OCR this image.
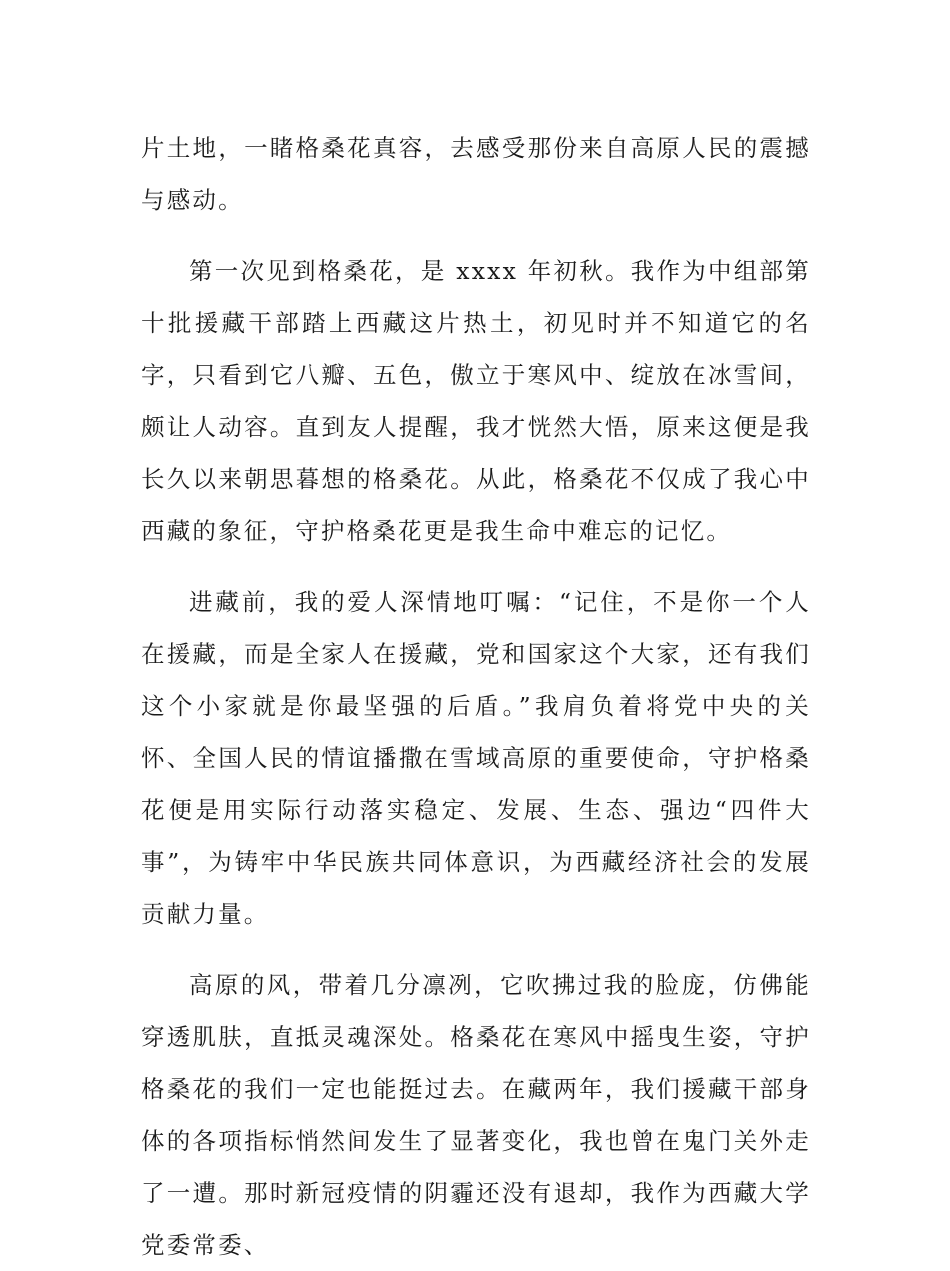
片土地，一睹格桑花真容，去感受那份来自高原人民的震撼与感动。

第一次见到格桑花，是 xxxx 年初秋。我作为中组部第十批援藏干部踏上西藏这片热土，初见时并不知道它的名字，只看到它八瓣、五色，傲立于寒风中、绽放在冰雪间，颇让人动容。直到友人提醒，我才恍然大悟，原来这便是我长久以来朝思暮想的格桑花。从此，格桑花不仅成了我心中西藏的象征，守护格桑花更是我生命中难忘的记忆。

进藏前，我的爱人深情地叮嘱：“记住，不是你一个人在援藏，而是全家人在援藏，党和国家这个大家，还有我们这个小家就是你最坚强的后盾。”我肩负着将党中央的关怀、全国人民的情谊播撒在雪域高原的重要使命，守护格桑花便是用实际行动落实稳定、发展、生态、强边“四件大事”，为铸牢中华民族共同体意识，为西藏经济社会的发展贡献力量。

高原的风，带着几分凛冽，它吹拂过我的脸庞，仿佛能穿透肌肤，直抵灵魂深处。格桑花在寒风中摇曳生姿，守护格桑花的我们一定也能挺过去。在藏两年，我们援藏干部身体的各项指标悄然间发生了显著变化，我也曾在鬼门关外走了一遭。那时新冠疫情的阴霾还没有退却，我作为西藏大学党委常委、
